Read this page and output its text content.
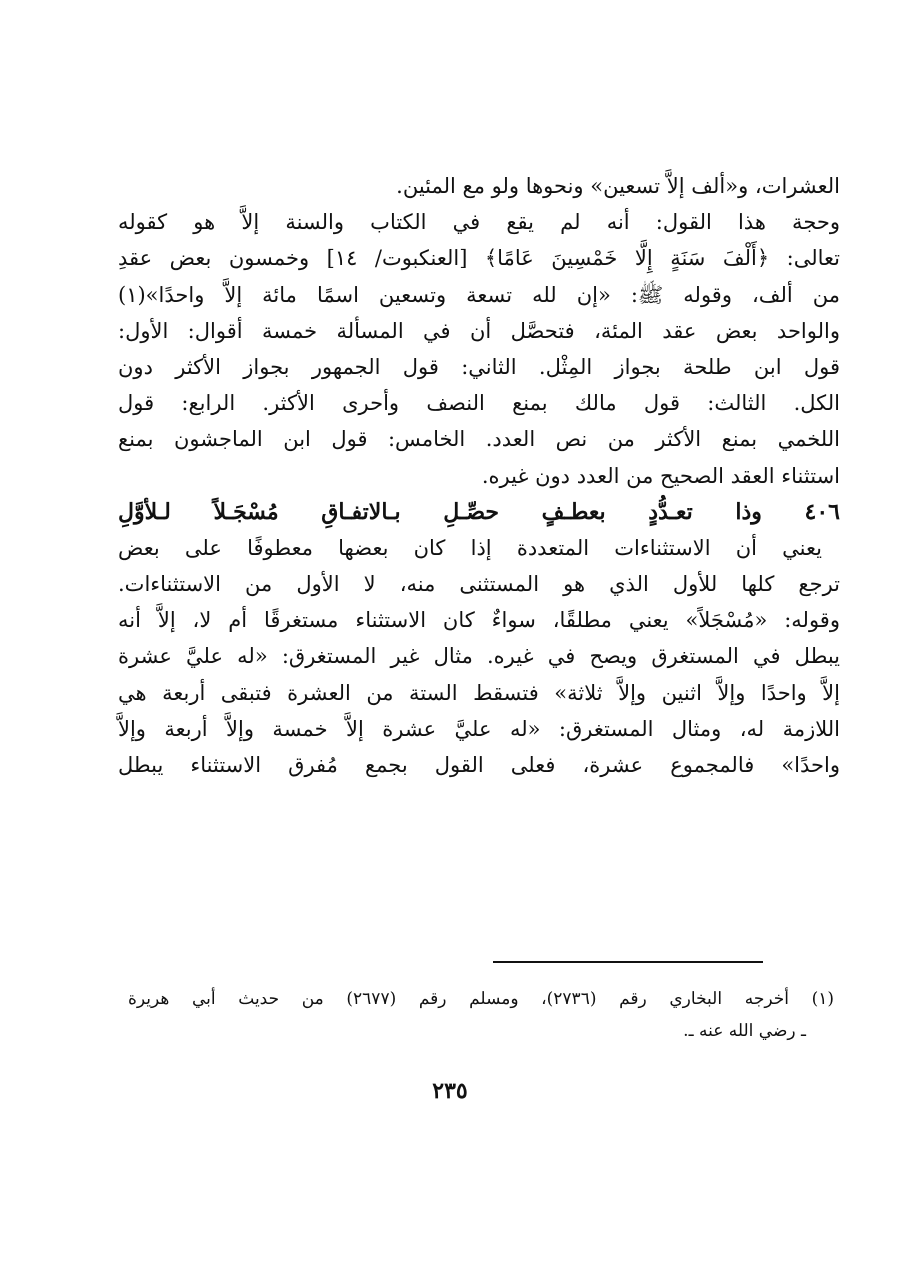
العشرات، و«ألف إلاَّ تسعين» ونحوها ولو مع المئين.
وحجة هذا القول: أنه لم يقع في الكتاب والسنة إلاَّ هو كقوله
تعالى: ﴿أَلْفَ سَنَةٍ إِلَّا خَمْسِينَ عَامًا﴾ [العنكبوت/ ١٤] وخمسون بعض عقدِ
من ألف، وقوله ﷺ: «إن لله تسعة وتسعين اسمًا مائة إلاَّ واحدًا»(١)
والواحد بعض عقد المئة، فتحصَّل أن في المسألة خمسة أقوال: الأول:
قول ابن طلحة بجواز المِثْل. الثاني: قول الجمهور بجواز الأكثر دون
الكل. الثالث: قول مالك بمنع النصف وأحرى الأكثر. الرابع: قول
اللخمي بمنع الأكثر من نص العدد. الخامس: قول ابن الماجشون بمنع
استثناء العقد الصحيح من العدد دون غيره.
٤٠٦ وذا تعـدُّدٍ بعطـفٍ حصِّـلِ بـالاتفـاقِ مُسْجَـلاً لـلأوَّلِ
يعني أن الاستثناءات المتعددة إذا كان بعضها معطوفًا على بعض
ترجع كلها للأول الذي هو المستثنى منه، لا الأول من الاستثناءات.
وقوله: «مُسْجَلاً» يعني مطلقًا، سواءٌ كان الاستثناء مستغرقًا أم لا، إلاَّ أنه
يبطل في المستغرق ويصح في غيره. مثال غير المستغرق: «له عليَّ عشرة
إلاَّ واحدًا وإلاَّ اثنين وإلاَّ ثلاثة» فتسقط الستة من العشرة فتبقى أربعة هي
اللازمة له، ومثال المستغرق: «له عليَّ عشرة إلاَّ خمسة وإلاَّ أربعة وإلاَّ
واحدًا» فالمجموع عشرة، فعلى القول بجمع مُفرق الاستثناء يبطل
(١) أخرجه البخاري رقم (٢٧٣٦)، ومسلم رقم (٢٦٧٧) من حديث أبي هريرة
ـ رضي الله عنه ـ.
٢٣٥
